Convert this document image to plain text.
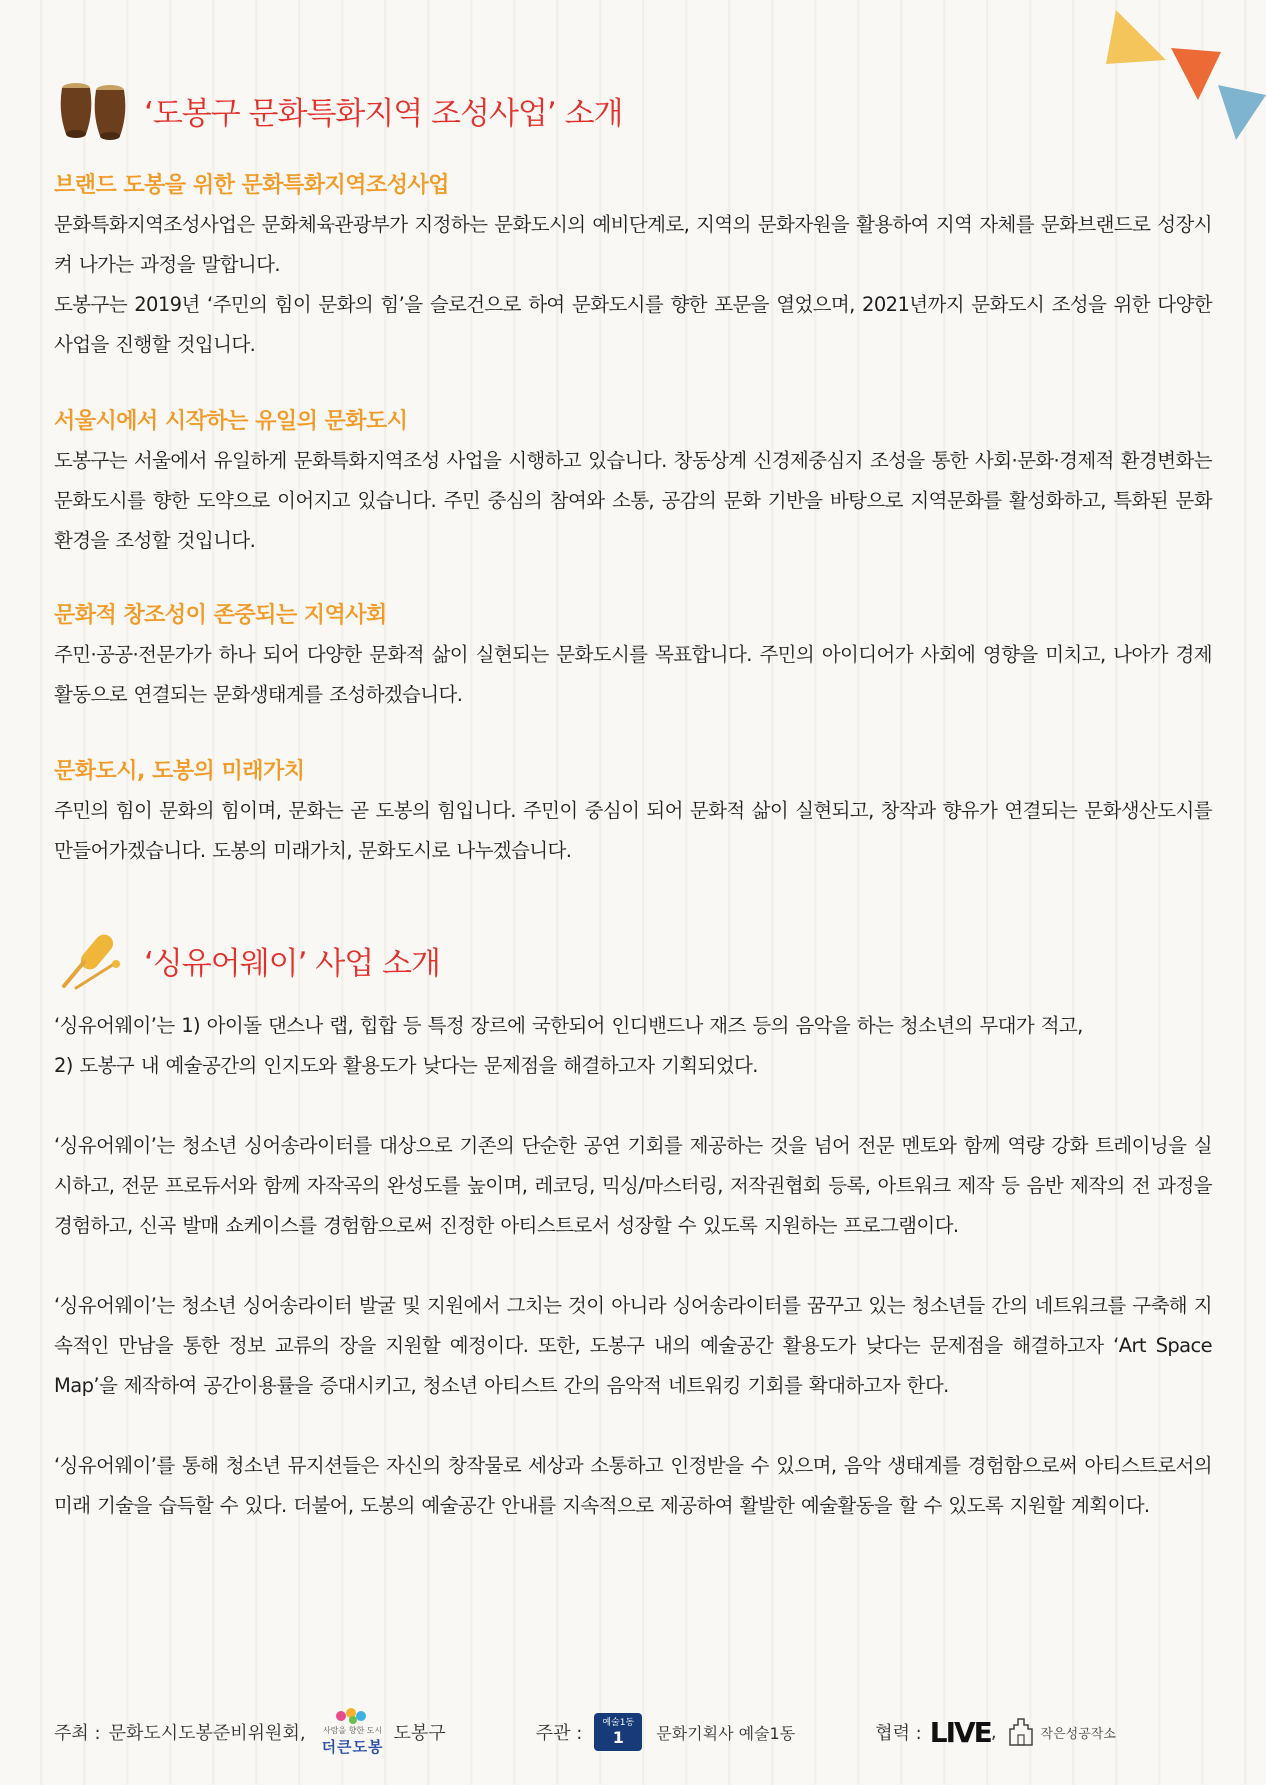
‘도봉구 문화특화지역 조성사업’ 소개

브랜드 도봉을 위한 문화특화지역조성사업

문화특화지역조성사업은 문화체육관광부가 지정하는 문화도시의 예비단계로, 지역의 문화자원을 활용하여 지역 자체를 문화브랜드로 성장시켜 나가는 과정을 말합니다.

도봉구는 2019년 ‘주민의 힘이 문화의 힘’을 슬로건으로 하여 문화도시를 향한 포문을 열었으며, 2021년까지 문화도시 조성을 위한 다양한 사업을 진행할 것입니다.

서울시에서 시작하는 유일의 문화도시

도봉구는 서울에서 유일하게 문화특화지역조성 사업을 시행하고 있습니다. 창동상계 신경제중심지 조성을 통한 사회·문화·경제적 환경변화는 문화도시를 향한 도약으로 이어지고 있습니다. 주민 중심의 참여와 소통, 공감의 문화 기반을 바탕으로 지역문화를 활성화하고, 특화된 문화환경을 조성할 것입니다.

문화적 창조성이 존중되는 지역사회

주민·공공·전문가가 하나 되어 다양한 문화적 삶이 실현되는 문화도시를 목표합니다. 주민의 아이디어가 사회에 영향을 미치고, 나아가 경제활동으로 연결되는 문화생태계를 조성하겠습니다.

문화도시, 도봉의 미래가치

주민의 힘이 문화의 힘이며, 문화는 곧 도봉의 힘입니다. 주민이 중심이 되어 문화적 삶이 실현되고, 창작과 향유가 연결되는 문화생산도시를 만들어가겠습니다. 도봉의 미래가치, 문화도시로 나누겠습니다.

‘싱유어웨이’ 사업 소개

‘싱유어웨이’는 1) 아이돌 댄스나 랩, 힙합 등 특정 장르에 국한되어 인디밴드나 재즈 등의 음악을 하는 청소년의 무대가 적고,
2) 도봉구 내 예술공간의 인지도와 활용도가 낮다는 문제점을 해결하고자 기획되었다.

‘싱유어웨이’는 청소년 싱어송라이터를 대상으로 기존의 단순한 공연 기회를 제공하는 것을 넘어 전문 멘토와 함께 역량 강화 트레이닝을 실시하고, 전문 프로듀서와 함께 자작곡의 완성도를 높이며, 레코딩, 믹싱/마스터링, 저작권협회 등록, 아트워크 제작 등 음반 제작의 전 과정을 경험하고, 신곡 발매 쇼케이스를 경험함으로써 진정한 아티스트로서 성장할 수 있도록 지원하는 프로그램이다.

‘싱유어웨이’는 청소년 싱어송라이터 발굴 및 지원에서 그치는 것이 아니라 싱어송라이터를 꿈꾸고 있는 청소년들 간의 네트워크를 구축해 지속적인 만남을 통한 정보 교류의 장을 지원할 예정이다. 또한, 도봉구 내의 예술공간 활용도가 낮다는 문제점을 해결하고자 ‘Art Space Map’을 제작하여 공간이용률을 증대시키고, 청소년 아티스트 간의 음악적 네트워킹 기회를 확대하고자 한다.

‘싱유어웨이’를 통해 청소년 뮤지션들은 자신의 창작물로 세상과 소통하고 인정받을 수 있으며, 음악 생태계를 경험함으로써 아티스트로서의 미래 기술을 습득할 수 있다. 더불어, 도봉의 예술공간 안내를 지속적으로 제공하여 활발한 예술활동을 할 수 있도록 지원할 계획이다.

주최 : 문화도시도봉준비위원회, 사람을 향한 도시
더큰도봉
도봉구	주관 :
예술1동
1 문화기획사 예술1동	협력 : LIVE ,	작은성공작소
